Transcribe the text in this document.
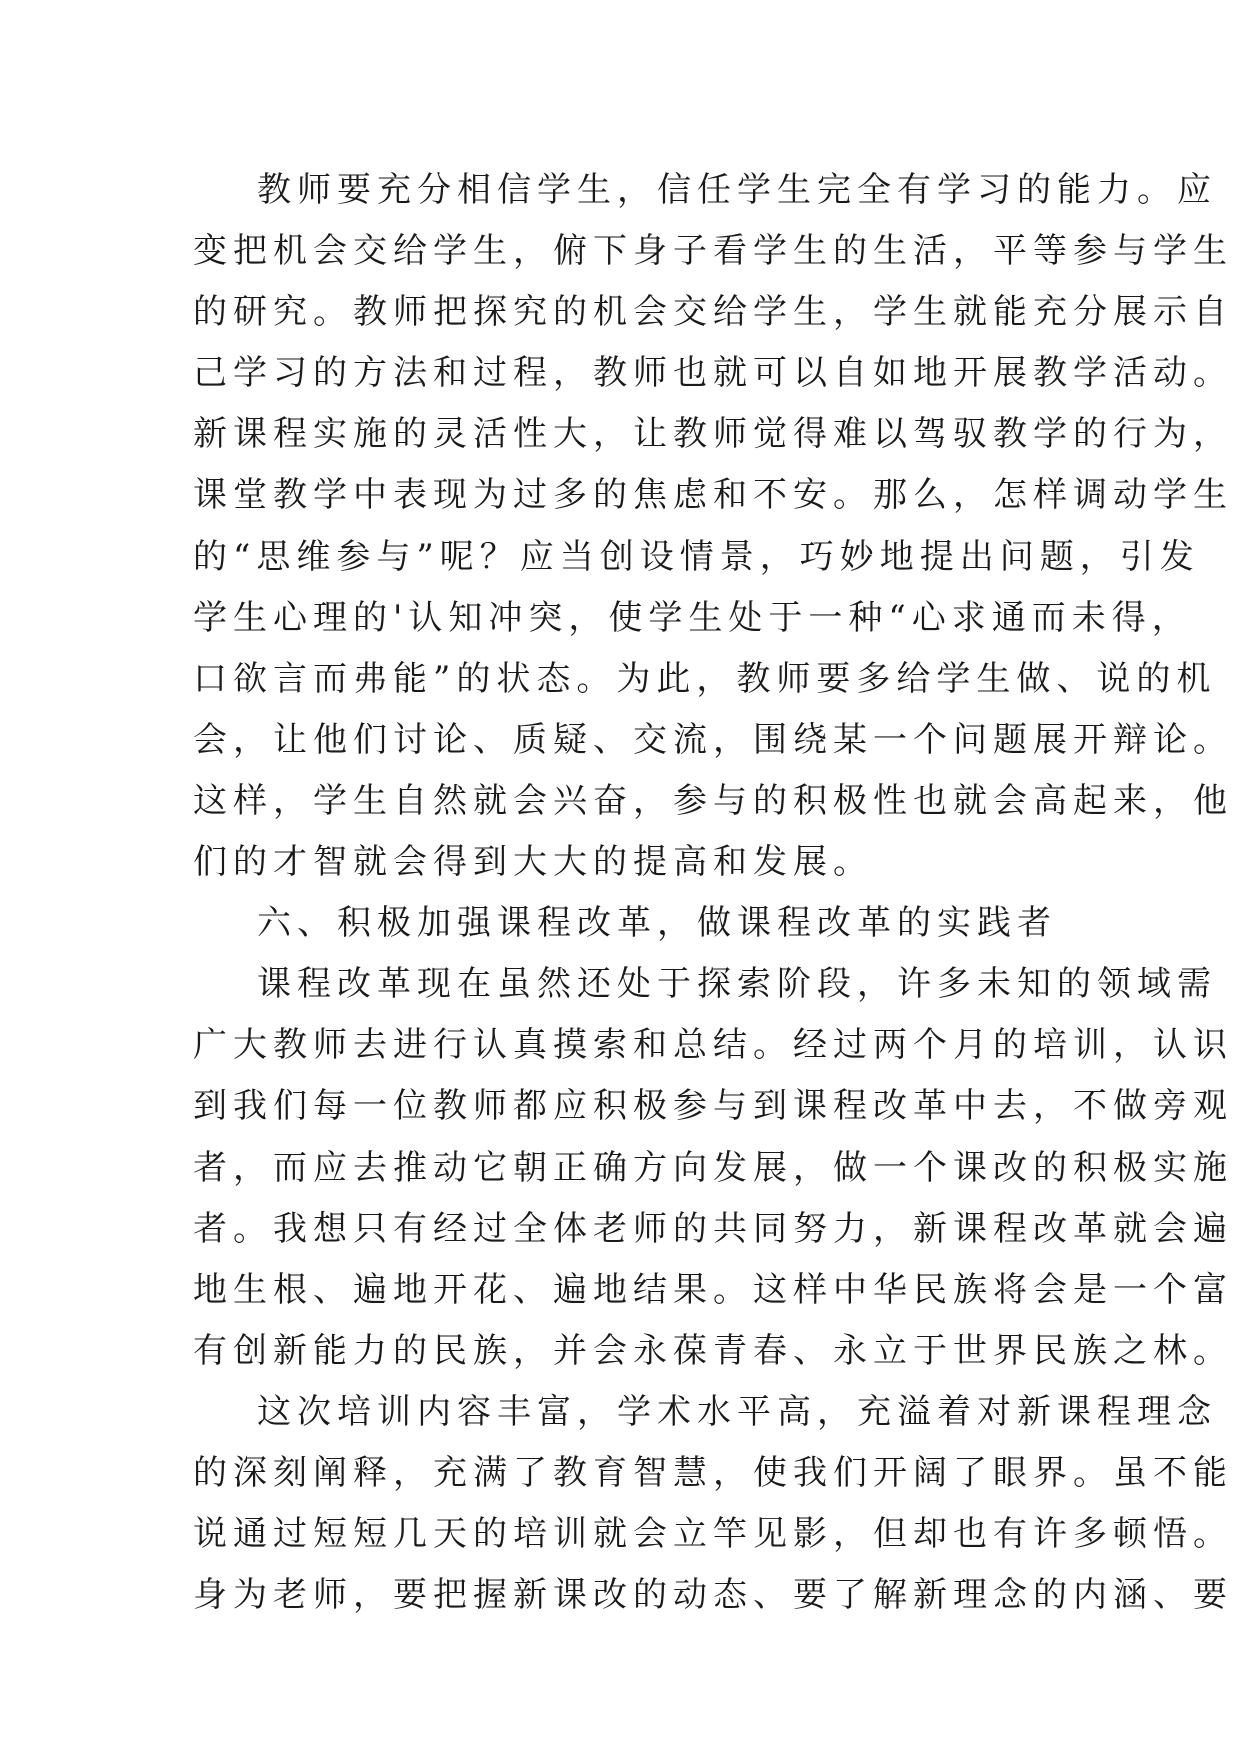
教师要充分相信学生，信任学生完全有学习的能力。应
变把机会交给学生，俯下身子看学生的生活，平等参与学生
的研究。教师把探究的机会交给学生，学生就能充分展示自
己学习的方法和过程，教师也就可以自如地开展教学活动。
新课程实施的灵活性大，让教师觉得难以驾驭教学的行为，
课堂教学中表现为过多的焦虑和不安。那么，怎样调动学生
的“思维参与”呢？应当创设情景，巧妙地提出问题，引发
学生心理的'认知冲突，使学生处于一种“心求通而未得，
口欲言而弗能”的状态。为此，教师要多给学生做、说的机
会，让他们讨论、质疑、交流，围绕某一个问题展开辩论。
这样，学生自然就会兴奋，参与的积极性也就会高起来，他
们的才智就会得到大大的提高和发展。
六、积极加强课程改革，做课程改革的实践者
课程改革现在虽然还处于探索阶段，许多未知的领域需
广大教师去进行认真摸索和总结。经过两个月的培训，认识
到我们每一位教师都应积极参与到课程改革中去，不做旁观
者，而应去推动它朝正确方向发展，做一个课改的积极实施
者。我想只有经过全体老师的共同努力，新课程改革就会遍
地生根、遍地开花、遍地结果。这样中华民族将会是一个富
有创新能力的民族，并会永葆青春、永立于世界民族之林。
这次培训内容丰富，学术水平高，充溢着对新课程理念
的深刻阐释，充满了教育智慧，使我们开阔了眼界。虽不能
说通过短短几天的培训就会立竿见影，但却也有许多顿悟。
身为老师，要把握新课改的动态、要了解新理念的内涵、要
